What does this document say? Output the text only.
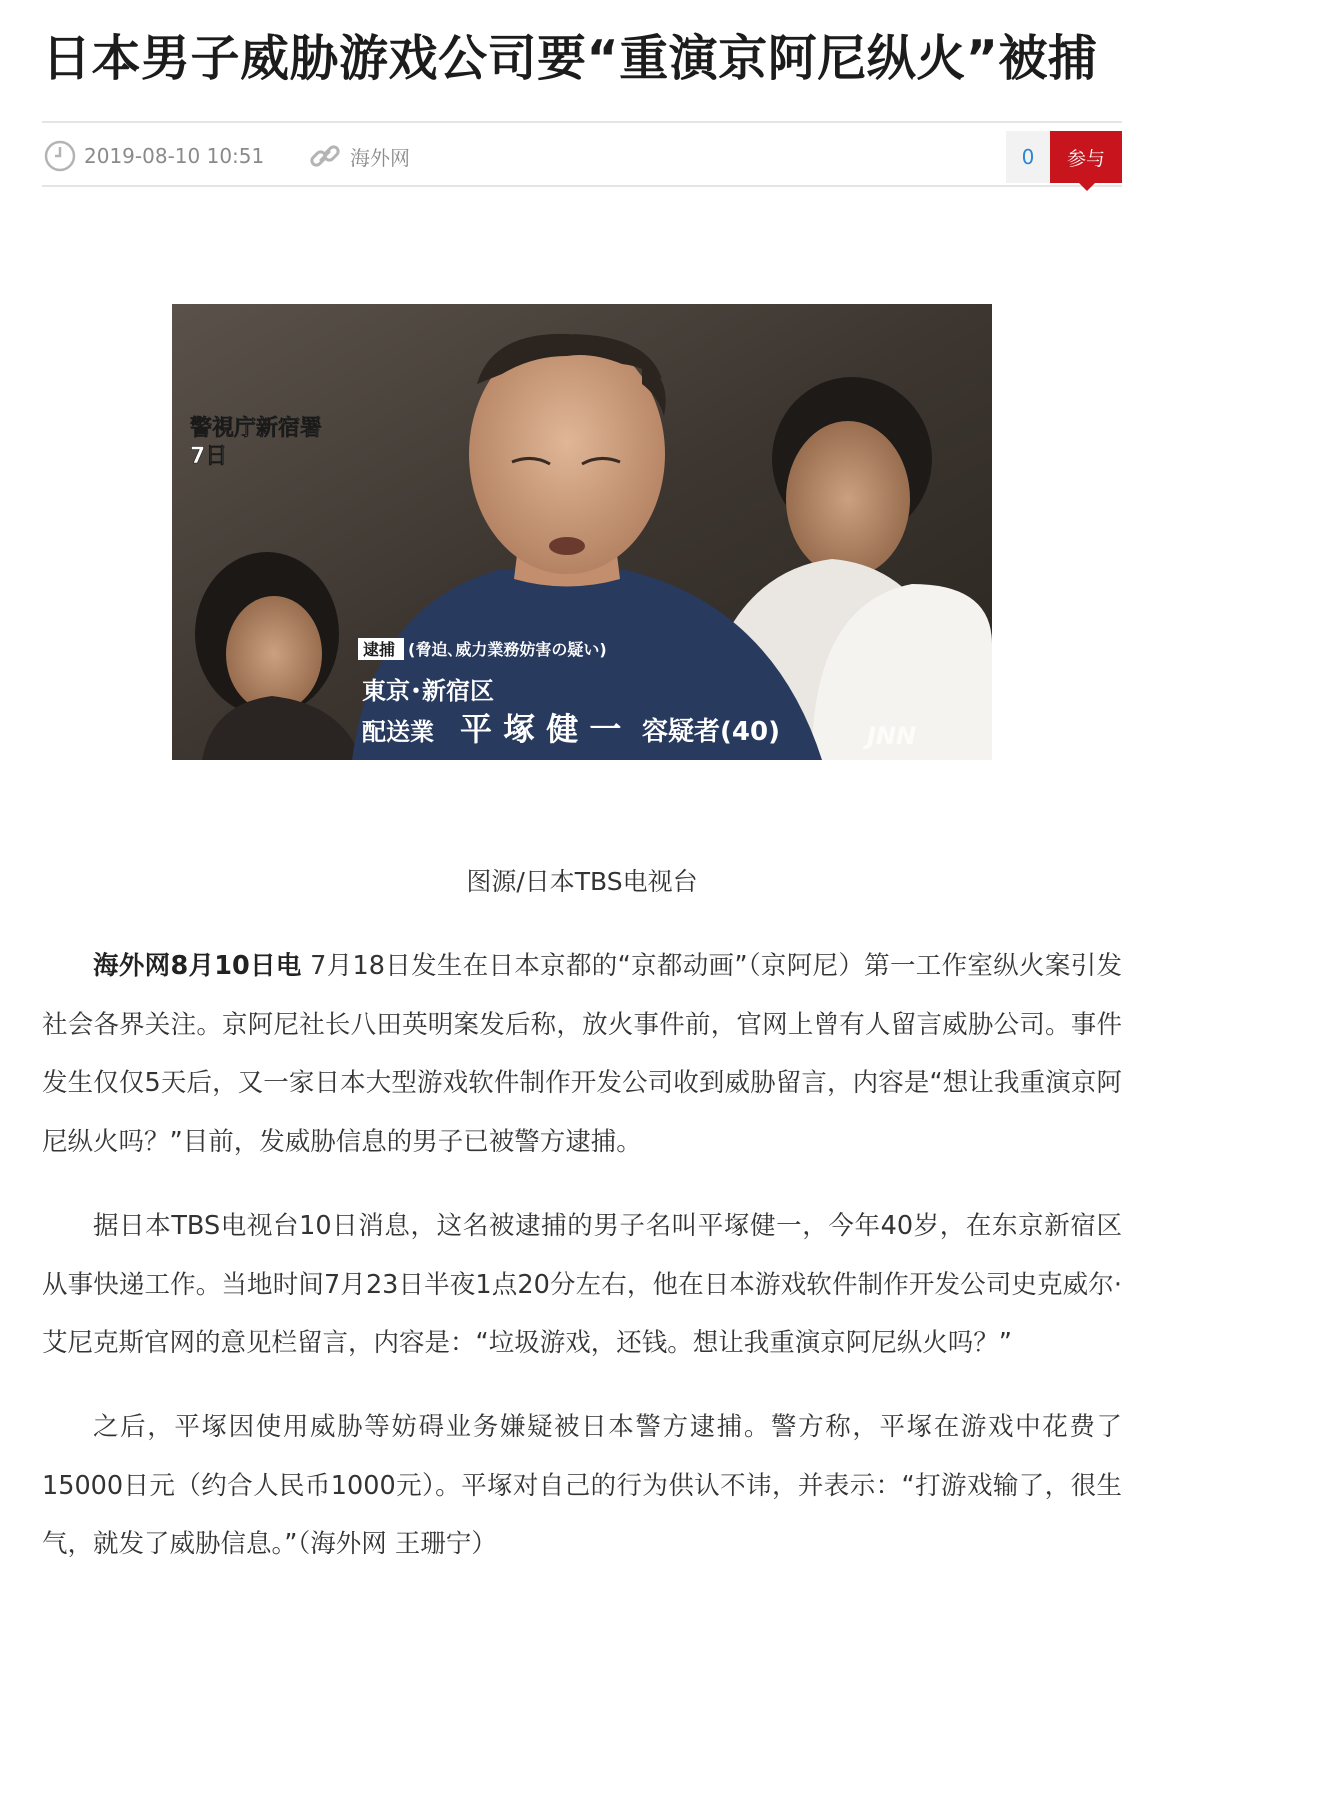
日本男子威胁游戏公司要“重演京阿尼纵火”被捕
2019-08-10 10:51	海外网	0	参与
警視庁新宿署
7日
逮捕 (脅迫､威力業務妨害の疑い)
東京･新宿区
配送業 平 塚 健 一 容疑者(40)	JNN
图源/日本TBS电视台

海外网8月10日电 7月18日发生在日本京都的“京都动画”（京阿尼）第一工作室纵火案引发社会各界关注。京阿尼社长八田英明案发后称，放火事件前，官网上曾有人留言威胁公司。事件发生仅仅5天后，又一家日本大型游戏软件制作开发公司收到威胁留言，内容是“想让我重演京阿尼纵火吗？”目前，发威胁信息的男子已被警方逮捕。

据日本TBS电视台10日消息，这名被逮捕的男子名叫平塚健一，今年40岁，在东京新宿区从事快递工作。当地时间7月23日半夜1点20分左右，他在日本游戏软件制作开发公司史克威尔·艾尼克斯官网的意见栏留言，内容是：“垃圾游戏，还钱。想让我重演京阿尼纵火吗？”

之后，平塚因使用威胁等妨碍业务嫌疑被日本警方逮捕。警方称，平塚在游戏中花费了15000日元（约合人民币1000元）。平塚对自己的行为供认不讳，并表示：“打游戏输了，很生气，就发了威胁信息。”（海外网 王珊宁）
